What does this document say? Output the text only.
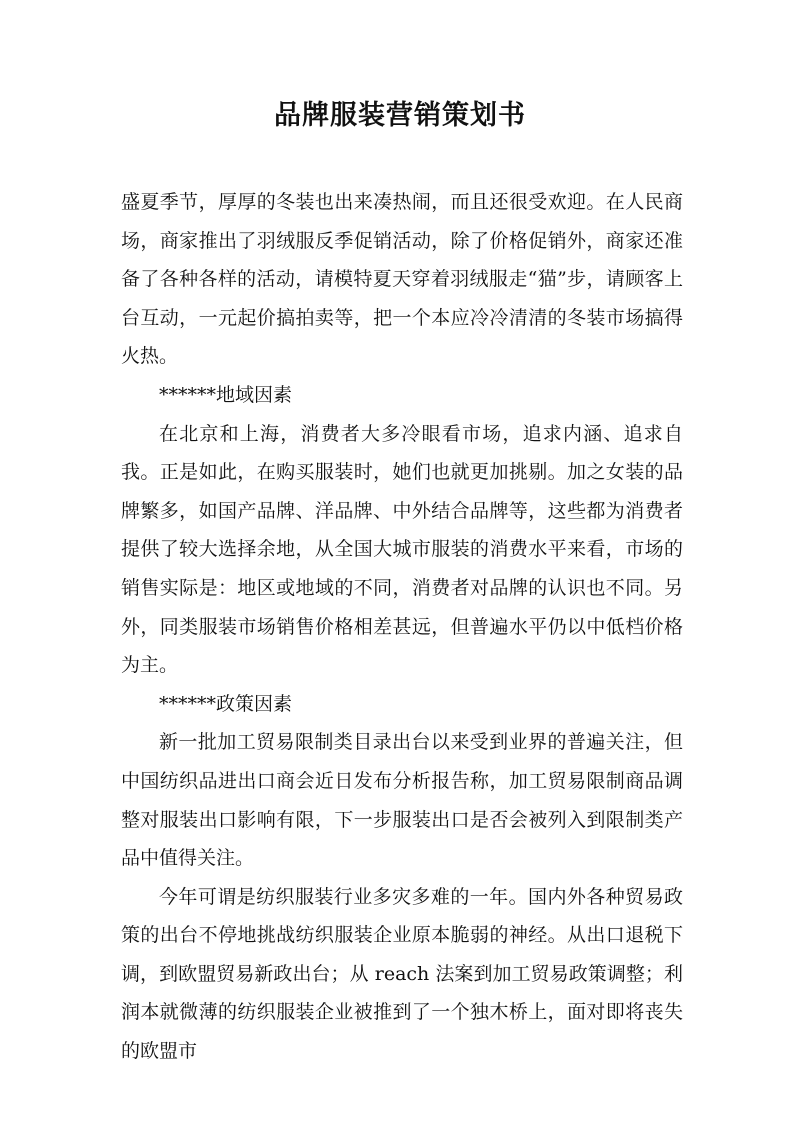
品牌服装营销策划书

盛夏季节，厚厚的冬装也出来凑热闹，而且还很受欢迎。在人民商场，商家推出了羽绒服反季促销活动，除了价格促销外，商家还准备了各种各样的活动，请模特夏天穿着羽绒服走“猫”步，请顾客上台互动，一元起价搞拍卖等，把一个本应冷冷清清的冬装市场搞得火热。

******地域因素

在北京和上海，消费者大多冷眼看市场，追求内涵、追求自我。正是如此，在购买服装时，她们也就更加挑剔。加之女装的品牌繁多，如国产品牌、洋品牌、中外结合品牌等，这些都为消费者提供了较大选择余地，从全国大城市服装的消费水平来看，市场的销售实际是：地区或地域的不同，消费者对品牌的认识也不同。另外，同类服装市场销售价格相差甚远，但普遍水平仍以中低档价格为主。

******政策因素

新一批加工贸易限制类目录出台以来受到业界的普遍关注，但中国纺织品进出口商会近日发布分析报告称，加工贸易限制商品调整对服装出口影响有限，下一步服装出口是否会被列入到限制类产品中值得关注。

今年可谓是纺织服装行业多灾多难的一年。国内外各种贸易政策的出台不停地挑战纺织服装企业原本脆弱的神经。从出口退税下调，到欧盟贸易新政出台；从 reach 法案到加工贸易政策调整；利润本就微薄的纺织服装企业被推到了一个独木桥上，面对即将丧失的欧盟市
